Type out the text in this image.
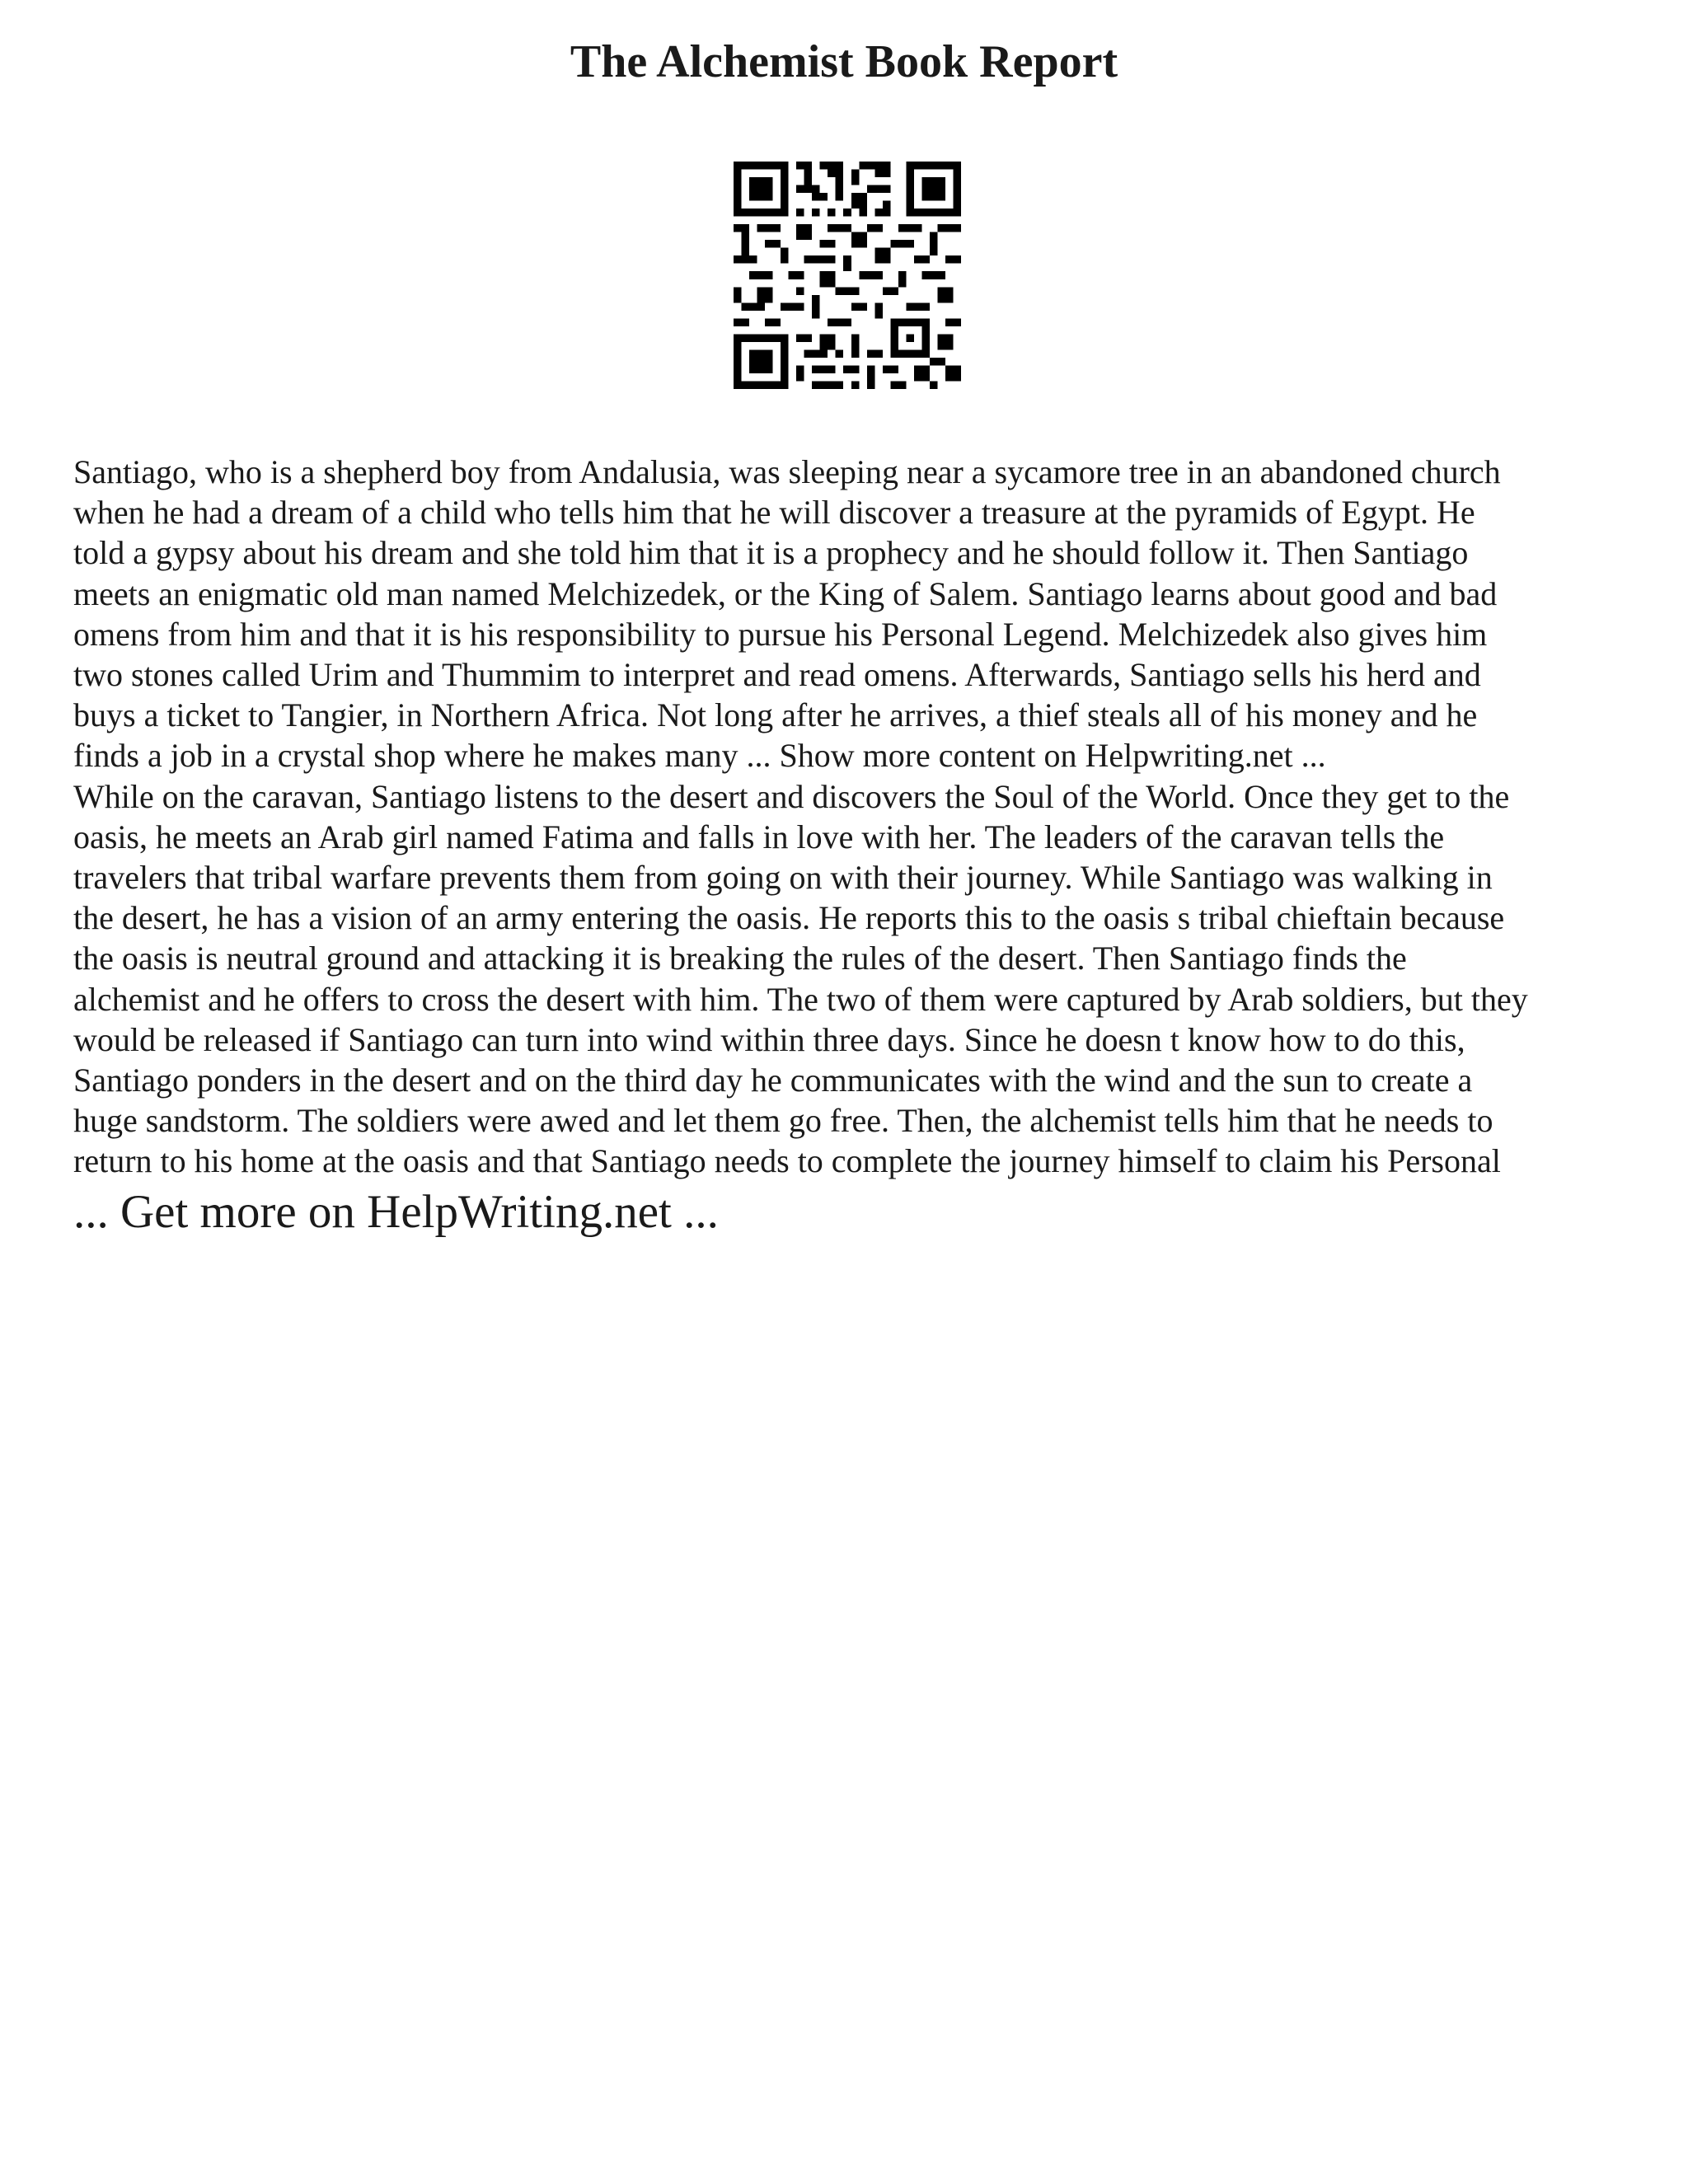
The Alchemist Book Report

Santiago, who is a shepherd boy from Andalusia, was sleeping near a sycamore tree in an abandoned church
when he had a dream of a child who tells him that he will discover a treasure at the pyramids of Egypt. He
told a gypsy about his dream and she told him that it is a prophecy and he should follow it. Then Santiago
meets an enigmatic old man named Melchizedek, or the King of Salem. Santiago learns about good and bad
omens from him and that it is his responsibility to pursue his Personal Legend. Melchizedek also gives him
two stones called Urim and Thummim to interpret and read omens. Afterwards, Santiago sells his herd and
buys a ticket to Tangier, in Northern Africa. Not long after he arrives, a thief steals all of his money and he
finds a job in a crystal shop where he makes many ... Show more content on Helpwriting.net ...
While on the caravan, Santiago listens to the desert and discovers the Soul of the World. Once they get to the
oasis, he meets an Arab girl named Fatima and falls in love with her. The leaders of the caravan tells the
travelers that tribal warfare prevents them from going on with their journey. While Santiago was walking in
the desert, he has a vision of an army entering the oasis. He reports this to the oasis s tribal chieftain because
the oasis is neutral ground and attacking it is breaking the rules of the desert. Then Santiago finds the
alchemist and he offers to cross the desert with him. The two of them were captured by Arab soldiers, but they
would be released if Santiago can turn into wind within three days. Since he doesn t know how to do this,
Santiago ponders in the desert and on the third day he communicates with the wind and the sun to create a
huge sandstorm. The soldiers were awed and let them go free. Then, the alchemist tells him that he needs to
return to his home at the oasis and that Santiago needs to complete the journey himself to claim his Personal

... Get more on HelpWriting.net ...
